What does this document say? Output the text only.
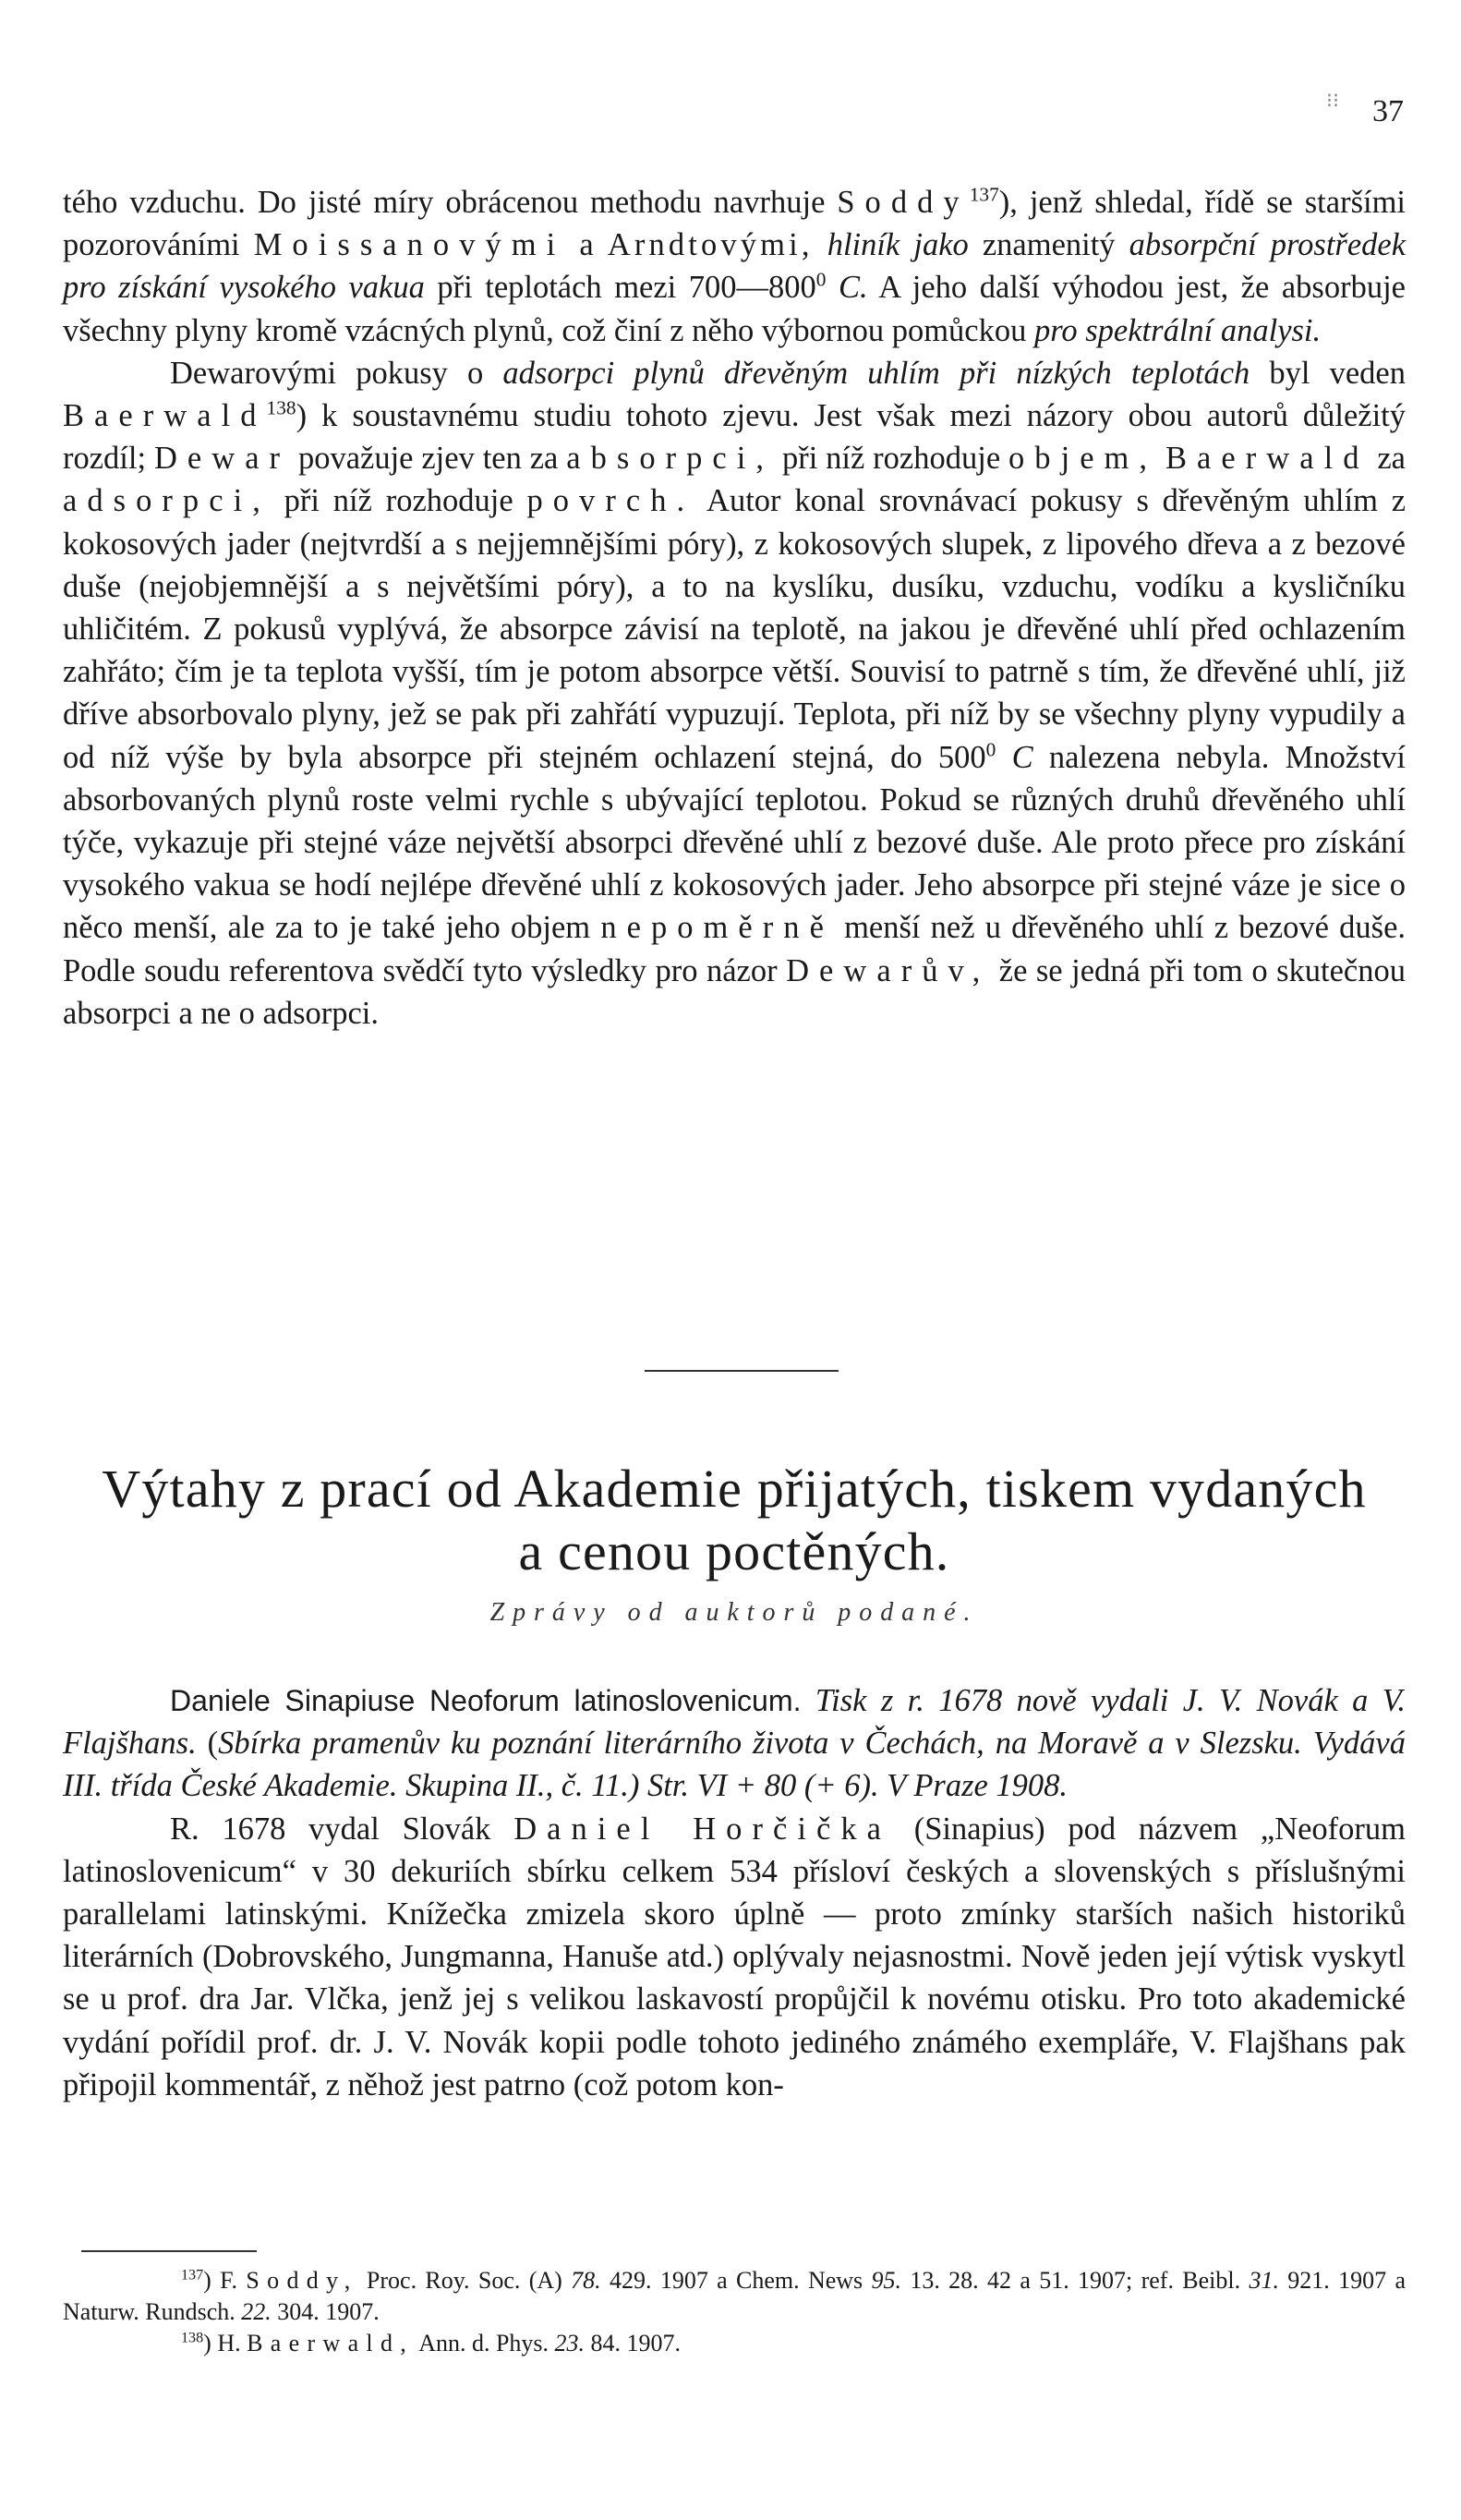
⁝⁝ 37

tého vzduchu. Do jisté míry obrácenou methodu navrhuje Soddy$^{137}$), jenž shledal, řídě se staršími pozorováními Moissanovými a Arndtovými, hliník jako znamenitý absorpční prostředek pro získání vysokého vakua při teplotách mezi $700—800^0$ C. A jeho další výhodou jest, že absorbuje všechny plyny kromě vzácných plynů, což činí z něho výbornou pomůckou pro spektrální analysi.

Dewarovými pokusy o adsorpci plynů dřevěným uhlím při nízkých teplotách byl veden Baerwald$^{138}$) k soustavnému studiu tohoto zjevu. Jest však mezi názory obou autorů důležitý rozdíl; Dewar považuje zjev ten za absorpci, při níž rozhoduje objem, Baerwald za adsorpci, při níž rozhoduje povrch. Autor konal srovnávací pokusy s dřevěným uhlím z kokosových jader (nejtvrdší a s nejjemnějšími póry), z kokosových slupek, z lipového dřeva a z bezové duše (nejobjemnější a s největšími póry), a to na kyslíku, dusíku, vzduchu, vodíku a kysličníku uhličitém. Z pokusů vyplývá, že absorpce závisí na teplotě, na jakou je dřevěné uhlí před ochlazením zahřáto; čím je ta teplota vyšší, tím je potom absorpce větší. Souvisí to patrně s tím, že dřevěné uhlí, již dříve absorbovalo plyny, jež se pak při zahřátí vypuzují. Teplota, při níž by se všechny plyny vypudily a od níž výše by byla absorpce při stejném ochlazení stejná, do $500^0$ C nalezena nebyla. Množství absorbovaných plynů roste velmi rychle s ubývající teplotou. Pokud se různých druhů dřevěného uhlí týče, vykazuje při stejné váze největší absorpci dřevěné uhlí z bezové duše. Ale proto přece pro získání vysokého vakua se hodí nejlépe dřevěné uhlí z kokosových jader. Jeho absorpce při stejné váze je sice o něco menší, ale za to je také jeho objem nepoměrně menší než u dřevěného uhlí z bezové duše. Podle soudu referentova svědčí tyto výsledky pro názor Dewarův, že se jedná při tom o skutečnou absorpci a ne o adsorpci.

Výtahy z prací od Akademie přijatých, tiskem vydaných
a cenou poctěných.
Zprávy od auktorů podané.

Daniele Sinapiuse Neoforum latinoslovenicum. Tisk z r. 1678 nově vydali J. V. Novák a V. Flajšhans. (Sbírka pramenův ku poznání literárního života v Čechách, na Moravě a v Slezsku. Vydává III. třída České Akademie. Skupina II., č. 11.) Str. VI + 80 (+ 6). V Praze 1908.

R. 1678 vydal Slovák Daniel Horčička (Sinapius) pod názvem „Neoforum latinoslovenicum“ v 30 dekuriích sbírku celkem 534 přísloví českých a slovenských s příslušnými parallelami latinskými. Knížečka zmizela skoro úplně — proto zmínky starších našich historiků literárních (Dobrovského, Jungmanna, Hanuše atd.) oplývaly nejasnostmi. Nově jeden její výtisk vyskytl se u prof. dra Jar. Vlčka, jenž jej s velikou laskavostí propůjčil k novému otisku. Pro toto akademické vydání pořídil prof. dr. J. V. Novák kopii podle tohoto jediného známého exempláře, V. Flajšhans pak připojil kommentář, z něhož jest patrno (což potom kon-

$^{137}$) F. Soddy, Proc. Roy. Soc. (A) 78. 429. 1907 a Chem. News 95. 13. 28. 42 a 51. 1907; ref. Beibl. 31. 921. 1907 a Naturw. Rundsch. 22. 304. 1907.

$^{138}$) H. Baerwald, Ann. d. Phys. 23. 84. 1907.
